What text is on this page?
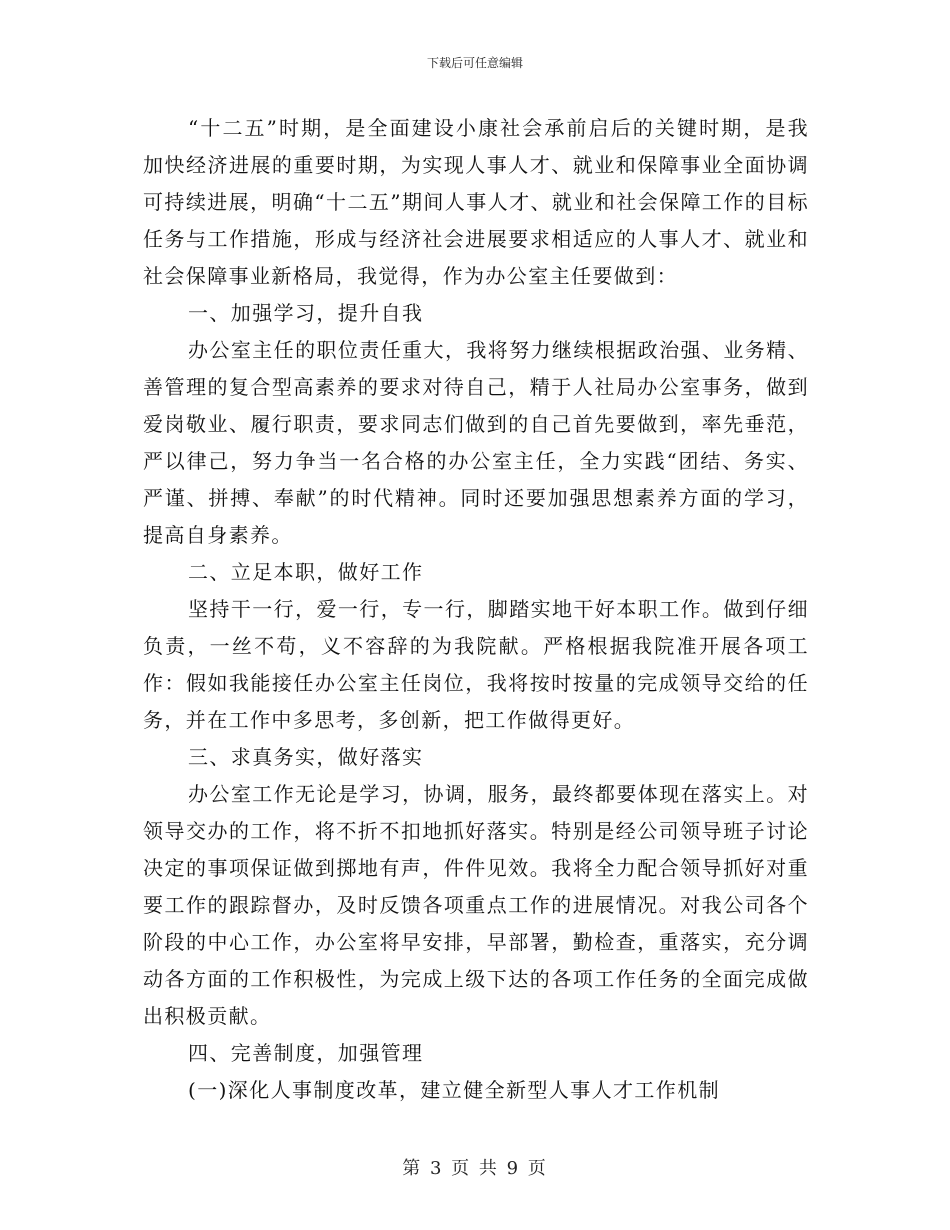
下载后可任意编辑

“十二五”时期，是全面建设小康社会承前启后的关键时期，是我加快经济进展的重要时期，为实现人事人才、就业和保障事业全面协调可持续进展，明确“十二五”期间人事人才、就业和社会保障工作的目标任务与工作措施，形成与经济社会进展要求相适应的人事人才、就业和社会保障事业新格局，我觉得，作为办公室主任要做到：

一、加强学习，提升自我

办公室主任的职位责任重大，我将努力继续根据政治强、业务精、善管理的复合型高素养的要求对待自己，精于人社局办公室事务，做到爱岗敬业、履行职责，要求同志们做到的自己首先要做到，率先垂范，严以律己，努力争当一名合格的办公室主任，全力实践“团结、务实、严谨、拼搏、奉献”的时代精神。同时还要加强思想素养方面的学习，提高自身素养。

二、立足本职，做好工作

坚持干一行，爱一行，专一行，脚踏实地干好本职工作。做到仔细负责，一丝不苟，义不容辞的为我院献。严格根据我院准开展各项工作：假如我能接任办公室主任岗位，我将按时按量的完成领导交给的任务，并在工作中多思考，多创新，把工作做得更好。

三、求真务实，做好落实

办公室工作无论是学习，协调，服务，最终都要体现在落实上。对领导交办的工作，将不折不扣地抓好落实。特别是经公司领导班子讨论决定的事项保证做到掷地有声，件件见效。我将全力配合领导抓好对重要工作的跟踪督办，及时反馈各项重点工作的进展情况。对我公司各个阶段的中心工作，办公室将早安排，早部署，勤检查，重落实，充分调动各方面的工作积极性，为完成上级下达的各项工作任务的全面完成做出积极贡献。

四、完善制度，加强管理

(一)深化人事制度改革，建立健全新型人事人才工作机制

第 3 页 共 9 页
